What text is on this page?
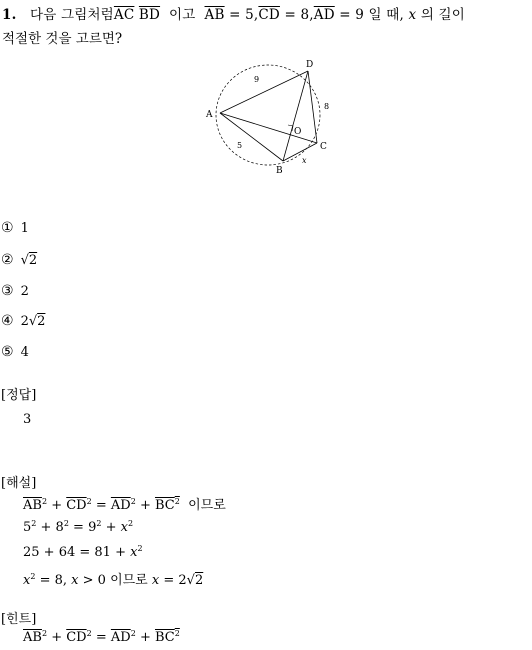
1. 다음 그림처럼$\overline{AC}$ $\overline{BD}$ 이고 $\overline{AB} = 5,\overline{CD} = 8,\overline{AD} = 9$ 일 때, x 의 길이
적절한 것을 고르면?
A
B
C
D
O
9
8
5
x
① 1
② √2
③ 2
④ 2√2
⑤ 4
[정답]
3
[해설]
$\overline{AB}^2 + \overline{CD}^2 = \overline{AD}^2 + BC^2$ 이므로
$5^2 + 8^2 = 9^2 + x^2$
$25 + 64 = 81 + x^2$
$x^2 = 8$, x > 0 이므로 x = 2√2
[힌트]
$\overline{AB}^2 + \overline{CD}^2 = \overline{AD}^2 + BC^2$
